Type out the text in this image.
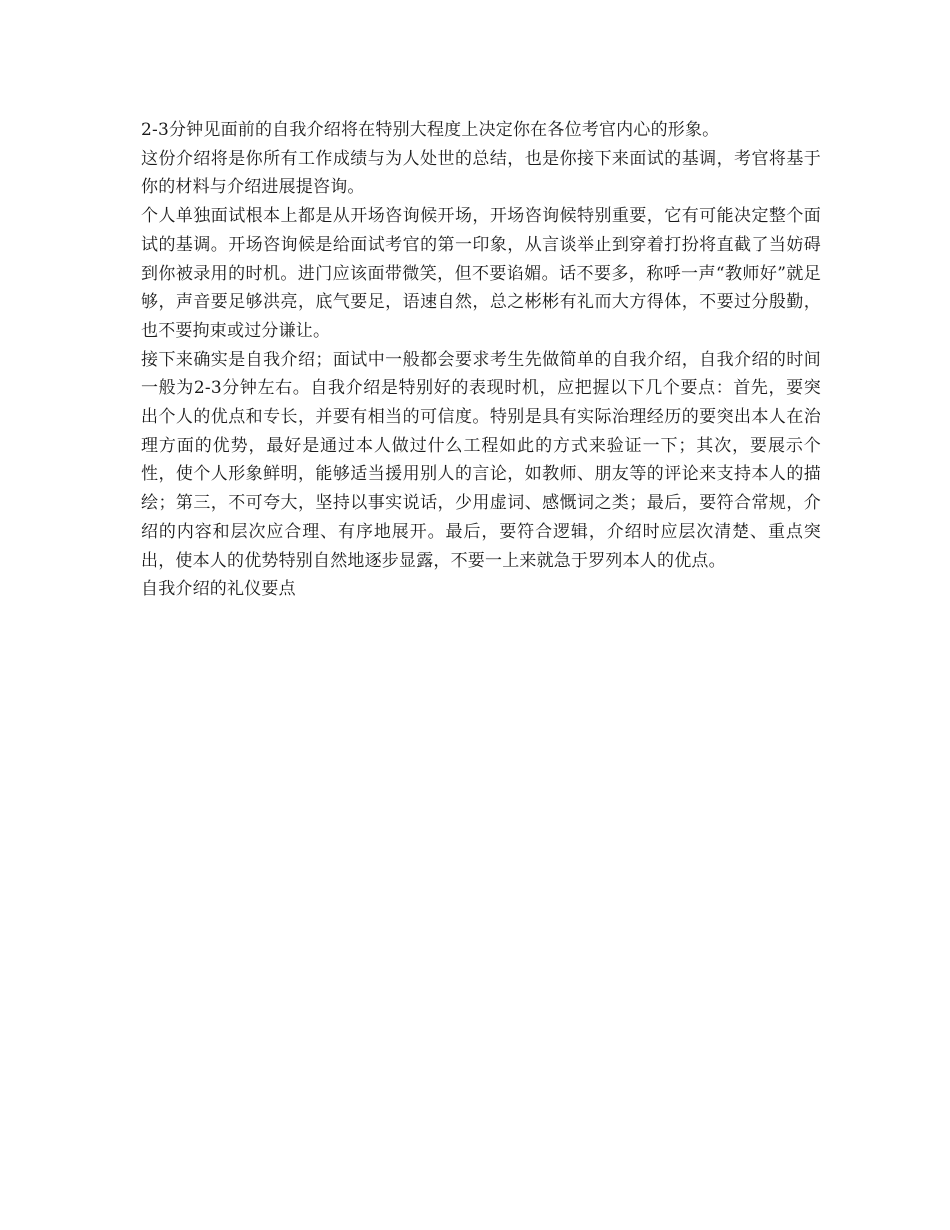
2-3分钟见面前的自我介绍将在特别大程度上决定你在各位考官内心的形象。

这份介绍将是你所有工作成绩与为人处世的总结，也是你接下来面试的基调，考官将基于你的材料与介绍进展提咨询。

个人单独面试根本上都是从开场咨询候开场，开场咨询候特别重要，它有可能决定整个面试的基调。开场咨询候是给面试考官的第一印象，从言谈举止到穿着打扮将直截了当妨碍到你被录用的时机。进门应该面带微笑，但不要谄媚。话不要多，称呼一声“教师好”就足够，声音要足够洪亮，底气要足，语速自然，总之彬彬有礼而大方得体，不要过分殷勤，也不要拘束或过分谦让。

接下来确实是自我介绍；面试中一般都会要求考生先做简单的自我介绍，自我介绍的时间一般为2-3分钟左右。自我介绍是特别好的表现时机，应把握以下几个要点：首先，要突出个人的优点和专长，并要有相当的可信度。特别是具有实际治理经历的要突出本人在治理方面的优势，最好是通过本人做过什么工程如此的方式来验证一下；其次，要展示个性，使个人形象鲜明，能够适当援用别人的言论，如教师、朋友等的评论来支持本人的描绘；第三，不可夸大，坚持以事实说话，少用虚词、感慨词之类；最后，要符合常规，介绍的内容和层次应合理、有序地展开。最后，要符合逻辑，介绍时应层次清楚、重点突出，使本人的优势特别自然地逐步显露，不要一上来就急于罗列本人的优点。

自我介绍的礼仪要点
